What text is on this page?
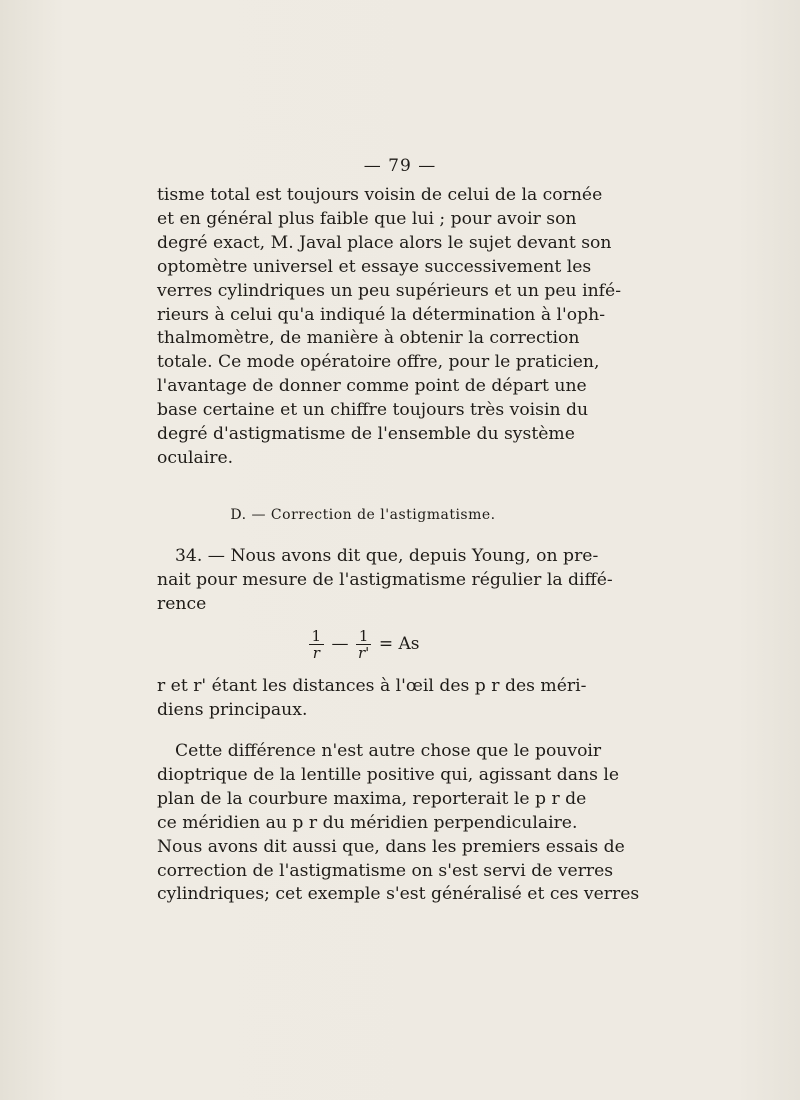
— 79 —
tisme total est toujours voisin de celui de la cornée
et en général plus faible que lui ; pour avoir son
degré exact, M. Javal place alors le sujet devant son
optomètre universel et essaye successivement les
verres cylindriques un peu supérieurs et un peu infé-
rieurs à celui qu'a indiqué la détermination à l'oph-
thalmomètre, de manière à obtenir la correction
totale. Ce mode opératoire offre, pour le praticien,
l'avantage de donner comme point de départ une
base certaine et un chiffre toujours très voisin du
degré d'astigmatisme de l'ensemble du système
oculaire.
D. — Correction de l'astigmatisme.
34. — Nous avons dit que, depuis Young, on pre-
nait pour mesure de l'astigmatisme régulier la diffé-
rence
$\frac{1}{r}$ — $\frac{1}{r'} = As$
r et r' étant les distances à l'œil des p r des méri-
diens principaux.
Cette différence n'est autre chose que le pouvoir
dioptrique de la lentille positive qui, agissant dans le
plan de la courbure maxima, reporterait le p r de
ce méridien au p r du méridien perpendiculaire.
Nous avons dit aussi que, dans les premiers essais de
correction de l'astigmatisme on s'est servi de verres
cylindriques; cet exemple s'est généralisé et ces verres
